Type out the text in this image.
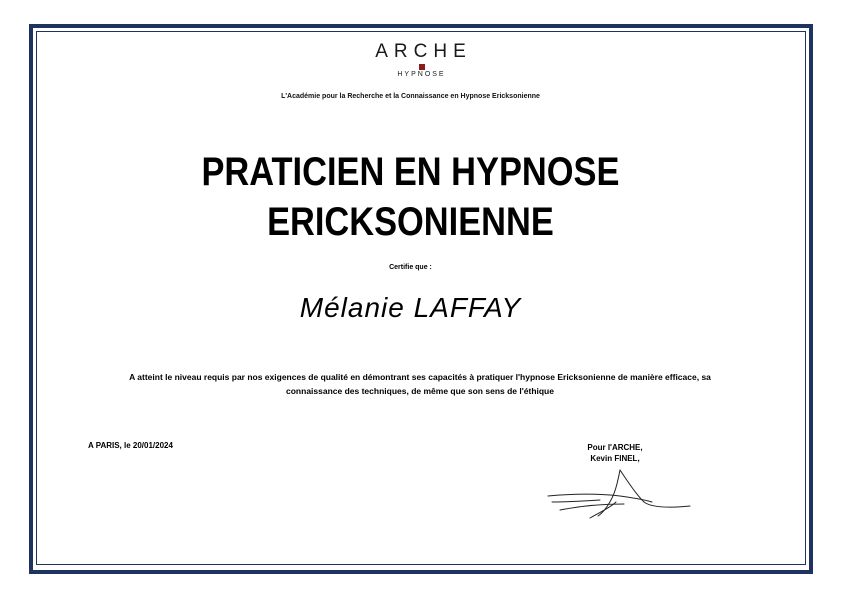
ARCHE
HYPNOSE
L'Académie pour la Recherche et la Connaissance en Hypnose Ericksonienne
PRATICIEN EN HYPNOSE
ERICKSONIENNE
Certifie que :
Mélanie LAFFAY
A atteint le niveau requis par nos exigences de qualité en démontrant ses capacités à pratiquer l'hypnose Ericksonienne de manière efficace, sa
connaissance des techniques, de même que son sens de l'éthique
A PARIS, le 20/01/2024	Pour l'ARCHE,
Kevin FINEL,
